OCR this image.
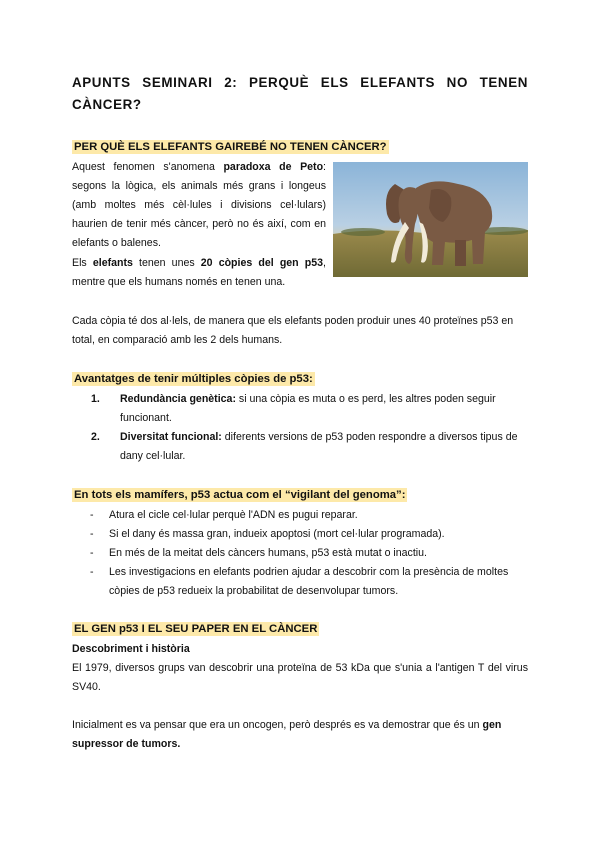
APUNTS SEMINARI 2: PERQUÈ ELS ELEFANTS NO TENEN CÀNCER?
PER QUÈ ELS ELEFANTS GAIREBÉ NO TENEN CÀNCER?
Aquest fenomen s'anomena paradoxa de Peto: segons la lògica, els animals més grans i longeus (amb moltes més cèl·lules i divisions cel·lulars) haurien de tenir més càncer, però no és així, com en elefants o balenes.
Els elefants tenen unes 20 còpies del gen p53, mentre que els humans només en tenen una.
Cada còpia té dos al·lels, de manera que els elefants poden produir unes 40 proteïnes p53 en total, en comparació amb les 2 dels humans.
Avantatges de tenir múltiples còpies de p53:
1. Redundància genètica: si una còpia es muta o es perd, les altres poden seguir funcionant.
2. Diversitat funcional: diferents versions de p53 poden respondre a diversos tipus de dany cel·lular.
En tots els mamífers, p53 actua com el “vigilant del genoma”:
- Atura el cicle cel·lular perquè l'ADN es pugui reparar.
- Si el dany és massa gran, indueix apoptosi (mort cel·lular programada).
- En més de la meitat dels càncers humans, p53 està mutat o inactiu.
- Les investigacions en elefants podrien ajudar a descobrir com la presència de moltes còpies de p53 redueix la probabilitat de desenvolupar tumors.
EL GEN p53 I EL SEU PAPER EN EL CÀNCER
Descobriment i història
El 1979, diversos grups van descobrir una proteïna de 53 kDa que s'unia a l'antigen T del virus SV40.
Inicialment es va pensar que era un oncogen, però després es va demostrar que és un gen supressor de tumors.
